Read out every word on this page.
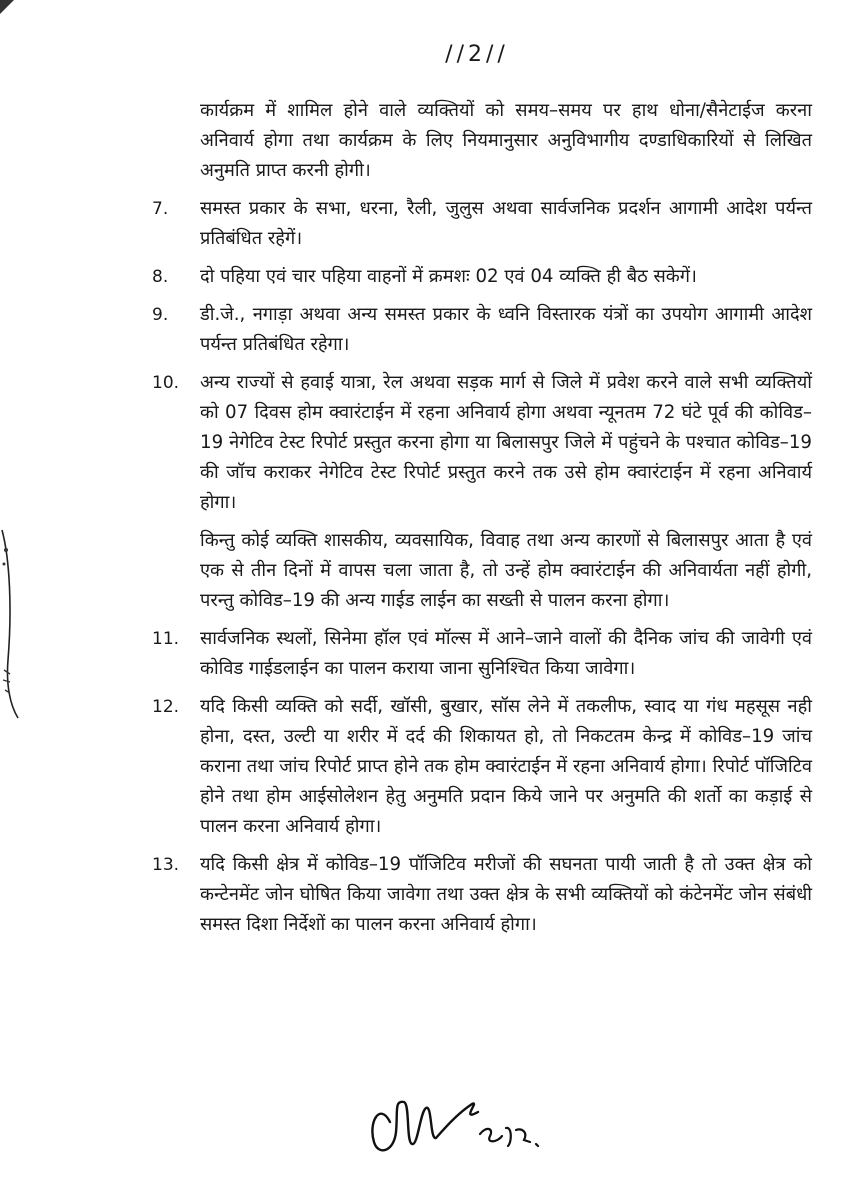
//2//

कार्यक्रम में शामिल होने वाले व्यक्तियों को समय–समय पर हाथ धोना/सैनेटाईज करना अनिवार्य होगा तथा कार्यक्रम के लिए नियमानुसार अनुविभागीय दण्डाधिकारियों से लिखित अनुमति प्राप्त करनी होगी।

7.	समस्त प्रकार के सभा, धरना, रैली, जुलुस अथवा सार्वजनिक प्रदर्शन आगामी आदेश पर्यन्त प्रतिबंधित रहेगें।

8.	दो पहिया एवं चार पहिया वाहनों में क्रमशः 02 एवं 04 व्यक्ति ही बैठ सकेगें।

9.	डी.जे., नगाड़ा अथवा अन्य समस्त प्रकार के ध्वनि विस्तारक यंत्रों का उपयोग आगामी आदेश पर्यन्त प्रतिबंधित रहेगा।

10.	अन्य राज्यों से हवाई यात्रा, रेल अथवा सड़क मार्ग से जिले में प्रवेश करने वाले सभी व्यक्तियों को 07 दिवस होम क्वारंटाईन में रहना अनिवार्य होगा अथवा न्यूनतम 72 घंटे पूर्व की कोविड–19 नेगेटिव टेस्ट रिपोर्ट प्रस्तुत करना होगा या बिलासपुर जिले में पहुंचने के पश्चात कोविड–19 की जॉच कराकर नेगेटिव टेस्ट रिपोर्ट प्रस्तुत करने तक उसे होम क्वारंटाईन में रहना अनिवार्य होगा।

किन्तु कोई व्यक्ति शासकीय, व्यवसायिक, विवाह तथा अन्य कारणों से बिलासपुर आता है एवं एक से तीन दिनों में वापस चला जाता है, तो उन्हें होम क्वारंटाईन की अनिवार्यता नहीं होगी, परन्तु कोविड–19 की अन्य गाईड लाईन का सख्ती से पालन करना होगा।

11.	सार्वजनिक स्थलों, सिनेमा हॉल एवं मॉल्स में आने–जाने वालों की दैनिक जांच की जावेगी एवं कोविड गाईडलाईन का पालन कराया जाना सुनिश्चित किया जावेगा।

12.	यदि किसी व्यक्ति को सर्दी, खॉसी, बुखार, सॉस लेने में तकलीफ, स्वाद या गंध महसूस नही होना, दस्त, उल्टी या शरीर में दर्द की शिकायत हो, तो निकटतम केन्द्र में कोविड–19 जांच कराना तथा जांच रिपोर्ट प्राप्त होने तक होम क्वारंटाईन में रहना अनिवार्य होगा। रिपोर्ट पॉजिटिव होने तथा होम आईसोलेशन हेतु अनुमति प्रदान किये जाने पर अनुमति की शर्तो का कड़ाई से पालन करना अनिवार्य होगा।

13.	यदि किसी क्षेत्र में कोविड–19 पॉजिटिव मरीजों की सघनता पायी जाती है तो उक्त क्षेत्र को कन्टेनमेंट जोन घोषित किया जावेगा तथा उक्त क्षेत्र के सभी व्यक्तियों को कंटेनमेंट जोन संबंधी समस्त दिशा निर्देशों का पालन करना अनिवार्य होगा।
